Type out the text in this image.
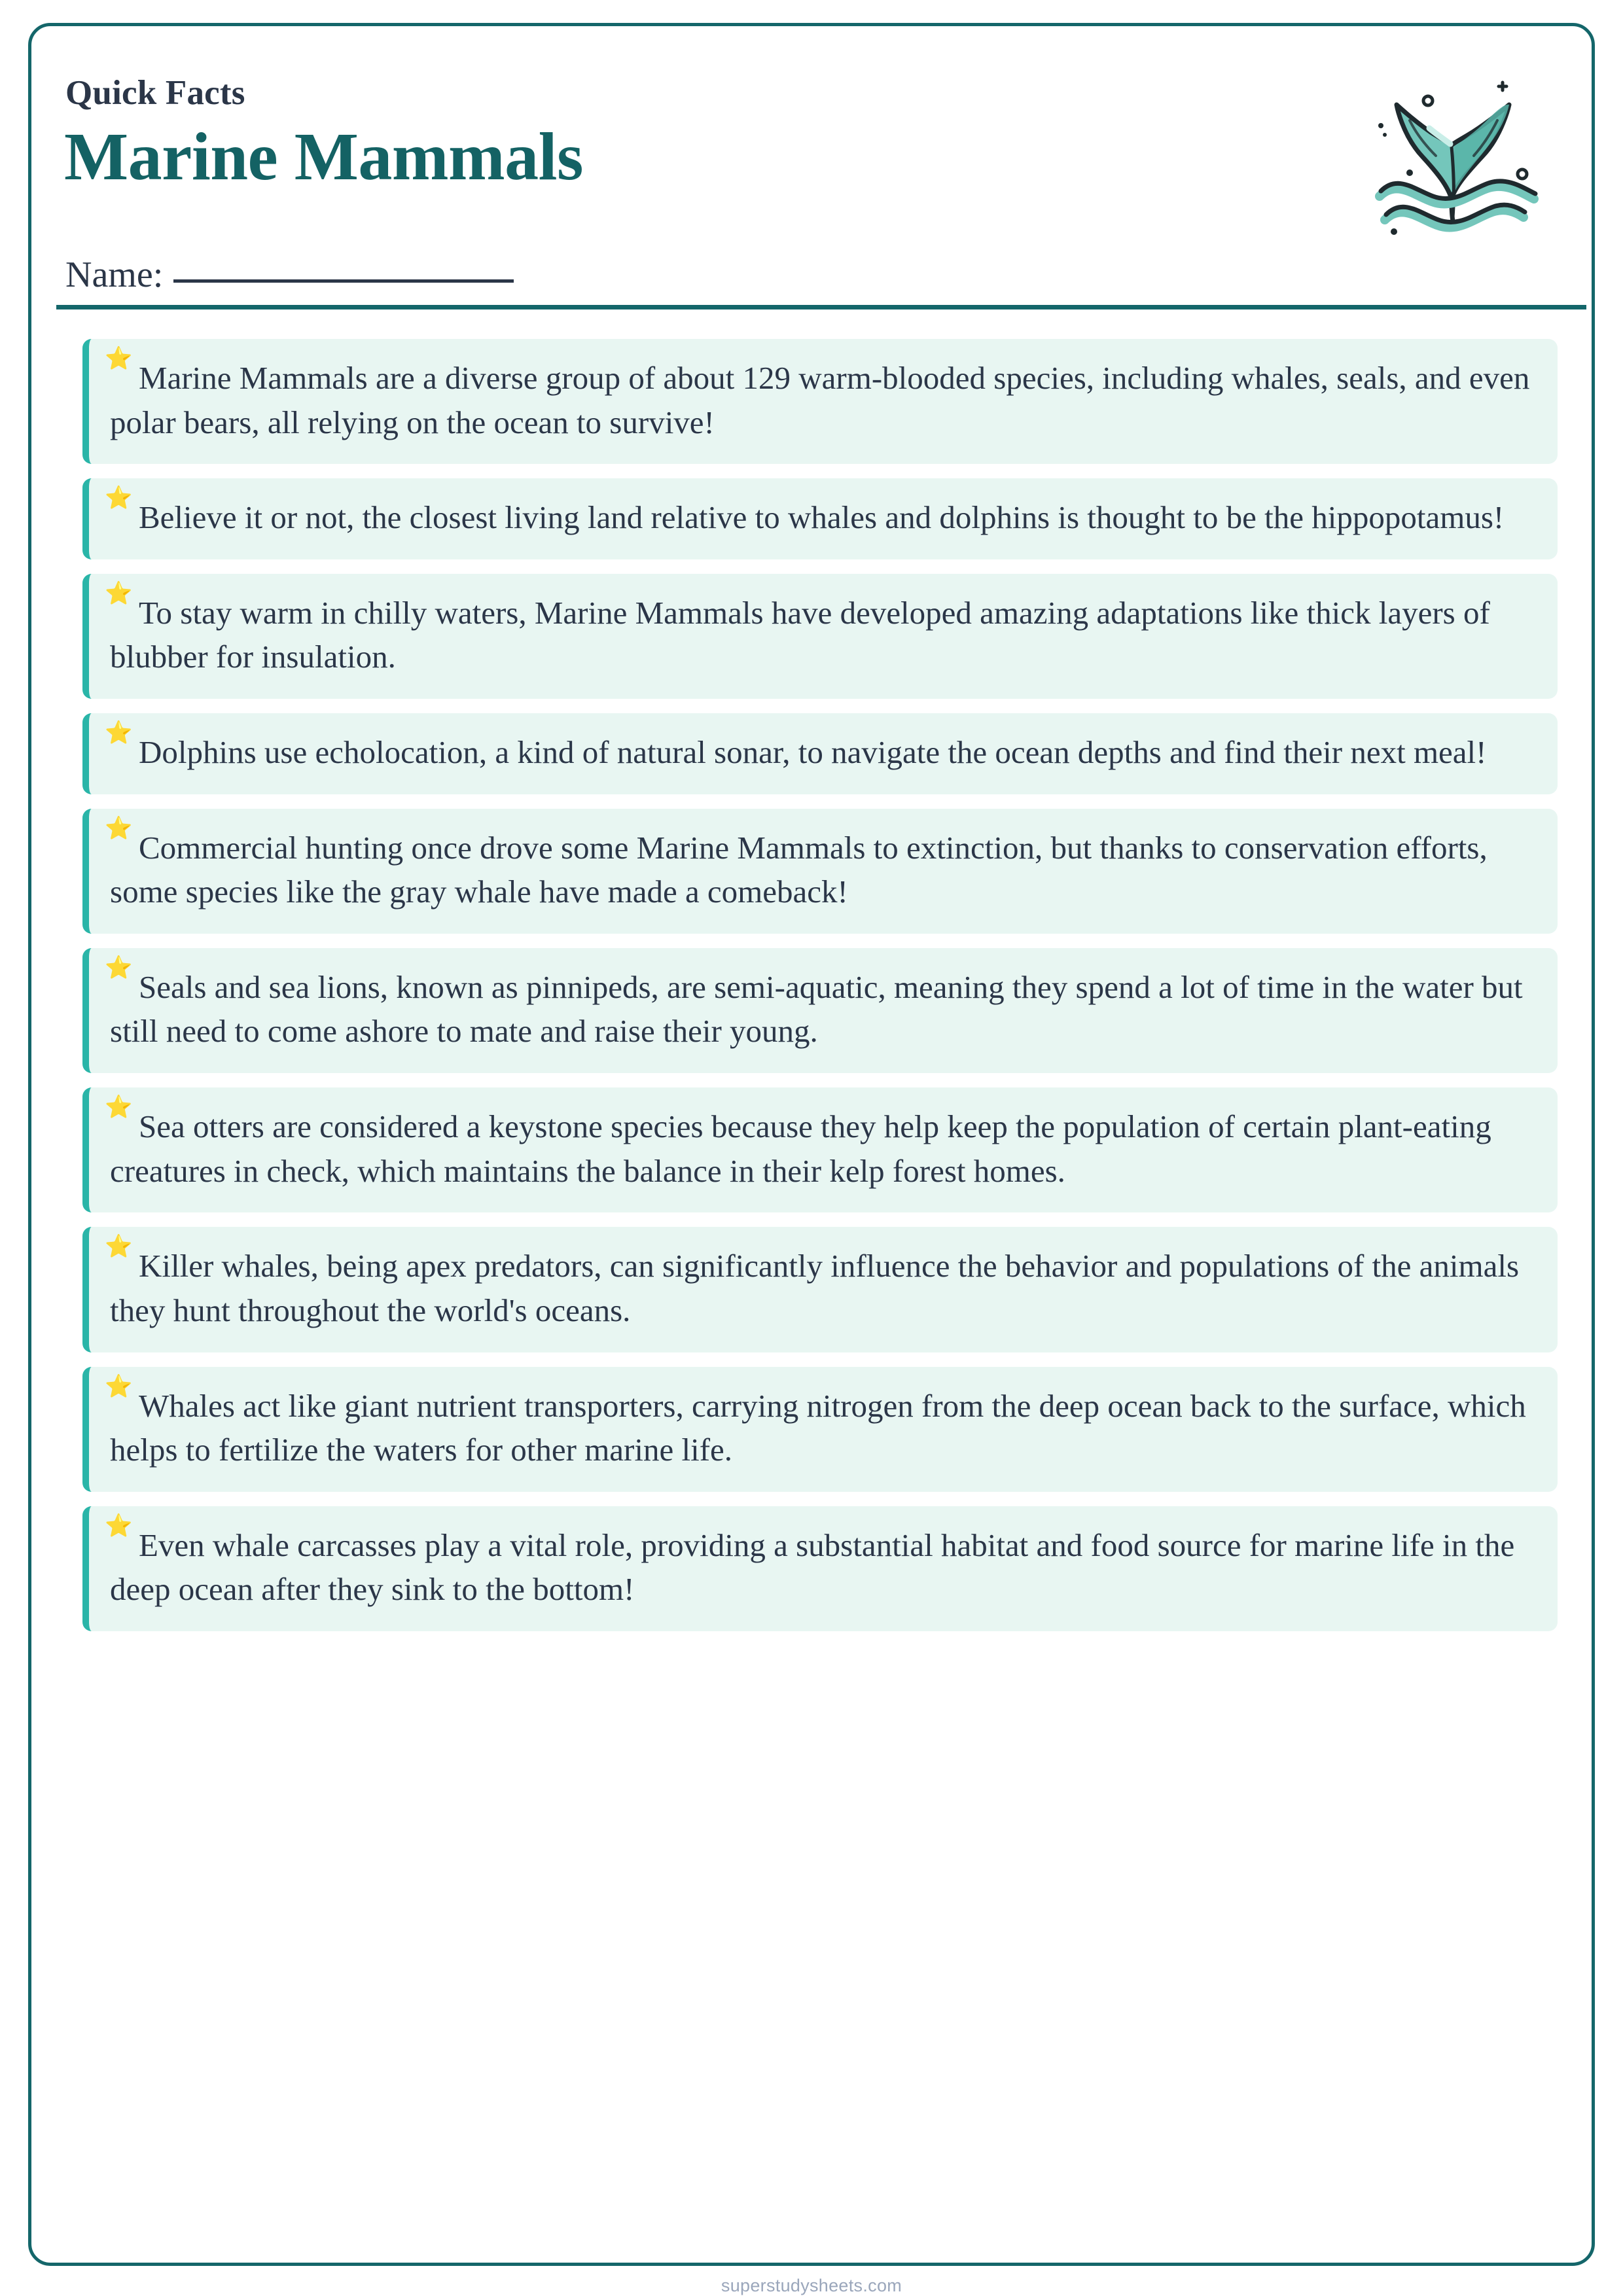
Quick Facts
Marine Mammals
Name:
⭐
Marine Mammals are a diverse group of about 129 warm-blooded species, including whales, seals, and even polar bears, all relying on the ocean to survive!
⭐
Believe it or not, the closest living land relative to whales and dolphins is thought to be the hippopotamus!
⭐
To stay warm in chilly waters, Marine Mammals have developed amazing adaptations like thick layers of blubber for insulation.
⭐
Dolphins use echolocation, a kind of natural sonar, to navigate the ocean depths and find their next meal!
⭐
Commercial hunting once drove some Marine Mammals to extinction, but thanks to conservation efforts, some species like the gray whale have made a comeback!
⭐
Seals and sea lions, known as pinnipeds, are semi-aquatic, meaning they spend a lot of time in the water but still need to come ashore to mate and raise their young.
⭐
Sea otters are considered a keystone species because they help keep the population of certain plant-eating creatures in check, which maintains the balance in their kelp forest homes.
⭐
Killer whales, being apex predators, can significantly influence the behavior and populations of the animals they hunt throughout the world's oceans.
⭐
Whales act like giant nutrient transporters, carrying nitrogen from the deep ocean back to the surface, which helps to fertilize the waters for other marine life.
⭐
Even whale carcasses play a vital role, providing a substantial habitat and food source for marine life in the deep ocean after they sink to the bottom!
superstudysheets.com
